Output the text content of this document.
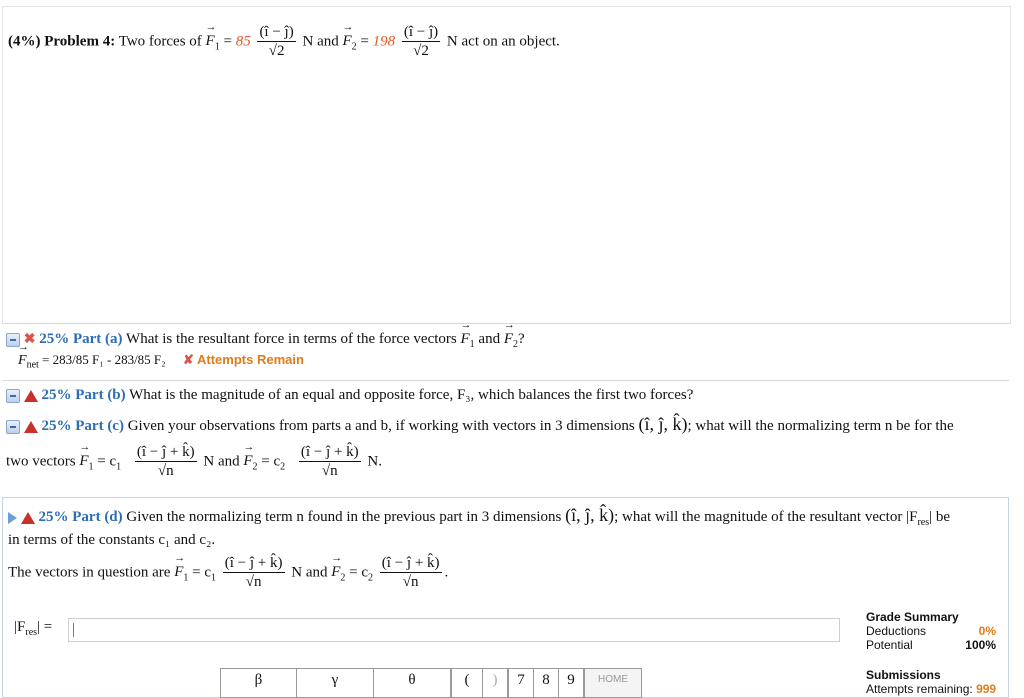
(4%) Problem 4: Two forces of → $F_1 = 85 \frac{(î - ĵ)}{√2}$ N and → $F_2 = 198 \frac{(î - ĵ)}{√2}$ N act on an object.
✖ 25% Part (a) What is the resultant force in terms of the force vectors → $F_1$ and → $F_2$?
→ $F_{net} = 283/85$ F₁ - 283/85 F₂ ✘ Attempts Remain
25% Part (b) What is the magnitude of an equal and opposite force, F₃, which balances the first two forces?
25% Part (c) Given your observations from parts a and b, if working with vectors in 3 dimensions (î, ĵ, k̂); what will the normalizing term n be for the
two vectors → $F_1 = c_1 \frac{(î - ĵ + k̂)}{√n}$ N and → $F_2 = c_2 \frac{(î - ĵ + k̂)}{√n} N$.
25% Part (d) Given the normalizing term n found in the previous part in 3 dimensions (î, ĵ, k̂); what will the magnitude of the resultant vector $|F_{res}|$ be
in terms of the constants c₁ and c₂.
The vectors in question are → $F_1 = c_1 \frac{(î - ĵ + k̂)}{√n}$ N and → $F_2 = c_2 \frac{(î - ĵ + k̂)}{√n}$ .
$|F_{res}|$ =
Grade Summary
Deductions	0%
Potential	100%
Submissions
Attempts remaining: 999
β	γ	θ	(	)	7	8	9	HOME
